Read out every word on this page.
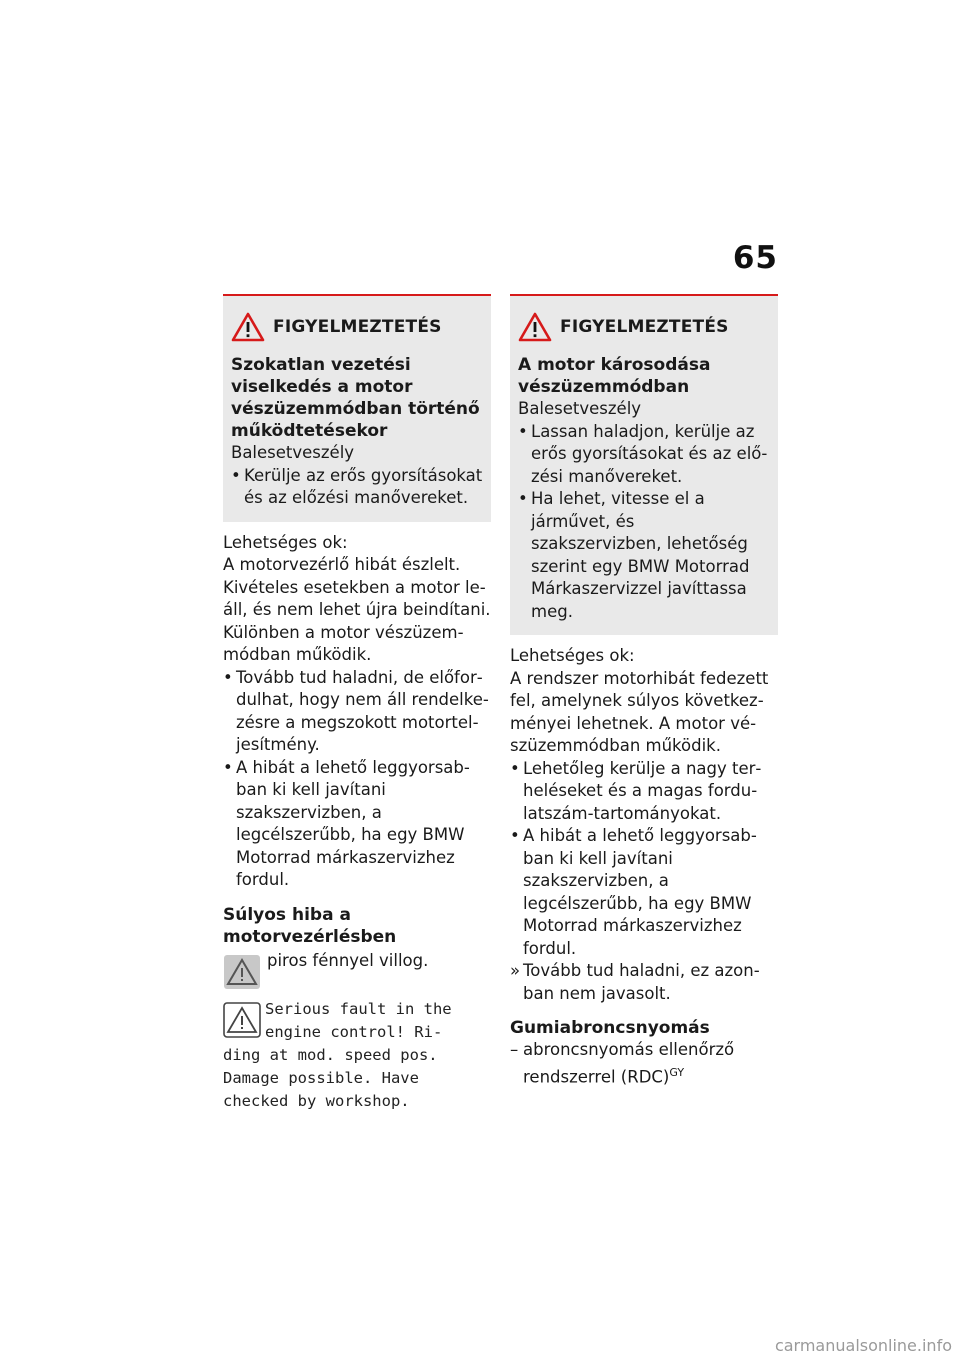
65
FIGYELMEZTETÉS
Szokatlan vezetési viselkedés a motor vészüzemmódban történő működtetésekor
Balesetveszély
• Kerülje az erős gyorsításokat és az előzési manővereket.
Lehetséges ok:
A motorvezérlő hibát észlelt. Kivételes esetekben a motor leáll, és nem lehet újra beindítani. Különben a motor vészüzemmódban működik.
• Tovább tud haladni, de előfordulhat, hogy nem áll rendelkezésre a megszokott motorteljesítmény.
• A hibát a lehető leggyorsabban ki kell javítani szakszervizben, a legcélszerűbb, ha egy BMW Motorrad márkaszervizhez fordul.
Súlyos hiba a motorvezérlésben
piros fénnyel villog.
Serious fault in the engine control! Ri-
ding at mod. speed pos. Damage possible. Have checked by workshop.
FIGYELMEZTETÉS
A motor károsodása vészüzemmódban
Balesetveszély
• Lassan haladjon, kerülje az erős gyorsításokat és az előzési manővereket.
• Ha lehet, vitesse el a járművet, és szakszervizben, lehetőség szerint egy BMW Motorrad Márkaszervizzel javíttassa meg.
Lehetséges ok:
A rendszer motorhibát fedezett fel, amelynek súlyos következményei lehetnek. A motor vészüzemmódban működik.
• Lehetőleg kerülje a nagy terheléseket és a magas fordulatszám-tartományokat.
• A hibát a lehető leggyorsabban ki kell javítani szakszervizben, a legcélszerűbb, ha egy BMW Motorrad márkaszervizhez fordul.
» Tovább tud haladni, ez azonban nem javasolt.
Gumiabroncsnyomás
– abroncsnyomás ellenőrző rendszerrel (RDC)$^{GY}$
carmanualsonline.info
